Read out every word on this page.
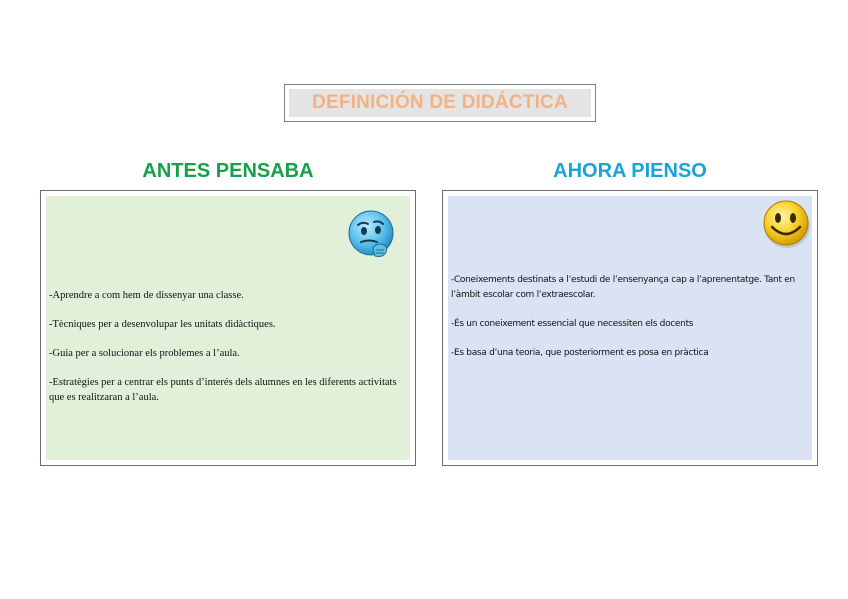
DEFINICIÓN DE DIDÁCTICA
ANTES PENSABA	AHORA PIENSO

-Aprendre a com hem de dissenyar una classe.

-Tècniques per a desenvolupar les unitats didàctiques.

-Guia per a solucionar els problemes a l’aula.

-Estratègies per a centrar els punts d’interés dels alumnes en les diferents activitats que es realitzaran a l’aula.

-Coneixements destinats a l’estudi de l’ensenyança cap a l’aprenentatge. Tant en l’àmbit escolar com l’extraescolar.

-És un coneixement essencial que necessiten els docents

-Es basa d’una teoria, que posteriorment es posa en pràctica
